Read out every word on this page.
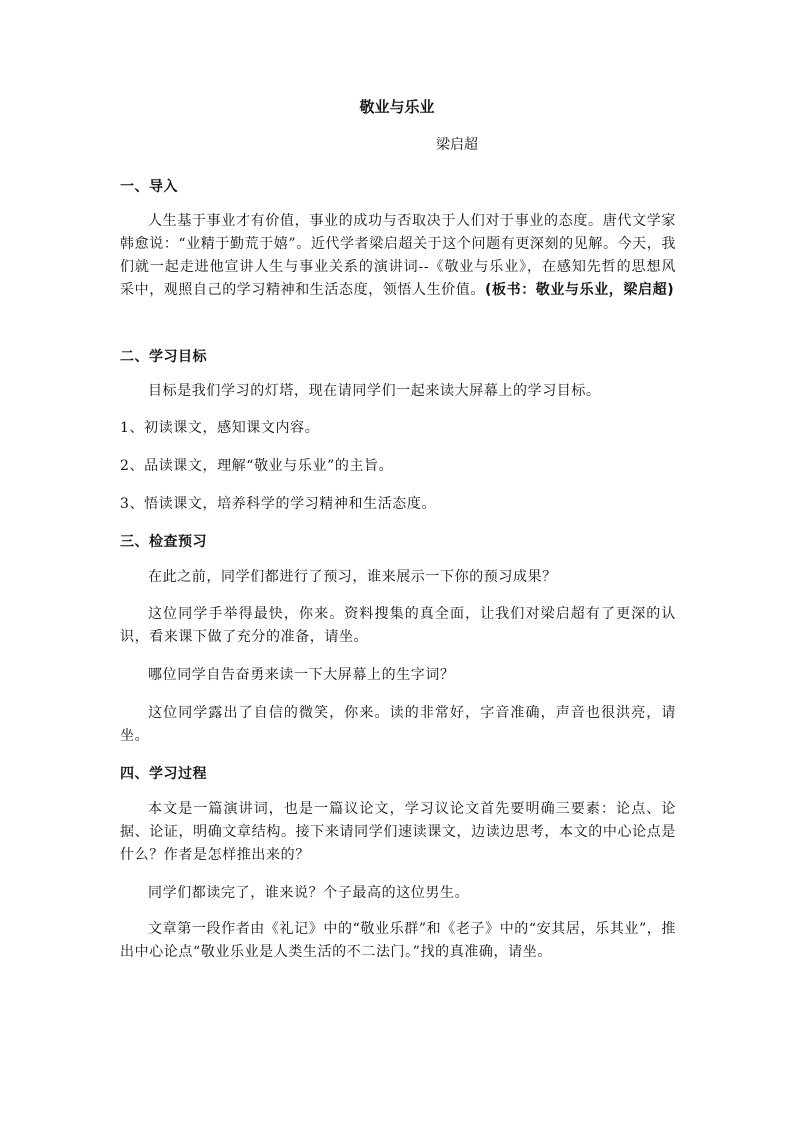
敬业与乐业
梁启超
一、导入
人生基于事业才有价值，事业的成功与否取决于人们对于事业的态度。唐代文学家韩愈说：“业精于勤荒于嬉”。近代学者梁启超关于这个问题有更深刻的见解。今天，我们就一起走进他宣讲人生与事业关系的演讲词--《敬业与乐业》，在感知先哲的思想风采中，观照自己的学习精神和生活态度，领悟人生价值。(板书：敬业与乐业，梁启超)
二、学习目标
目标是我们学习的灯塔，现在请同学们一起来读大屏幕上的学习目标。
1、初读课文，感知课文内容。
2、品读课文，理解“敬业与乐业”的主旨。
3、悟读课文，培养科学的学习精神和生活态度。
三、检查预习
在此之前，同学们都进行了预习，谁来展示一下你的预习成果？
这位同学手举得最快，你来。资料搜集的真全面，让我们对梁启超有了更深的认识，看来课下做了充分的准备，请坐。
哪位同学自告奋勇来读一下大屏幕上的生字词？
这位同学露出了自信的微笑，你来。读的非常好，字音准确，声音也很洪亮，请坐。
四、学习过程
本文是一篇演讲词，也是一篇议论文，学习议论文首先要明确三要素：论点、论据、论证，明确文章结构。接下来请同学们速读课文，边读边思考，本文的中心论点是什么？作者是怎样推出来的？
同学们都读完了，谁来说？个子最高的这位男生。
文章第一段作者由《礼记》中的“敬业乐群”和《老子》中的“安其居，乐其业”，推出中心论点“敬业乐业是人类生活的不二法门。”找的真准确，请坐。
